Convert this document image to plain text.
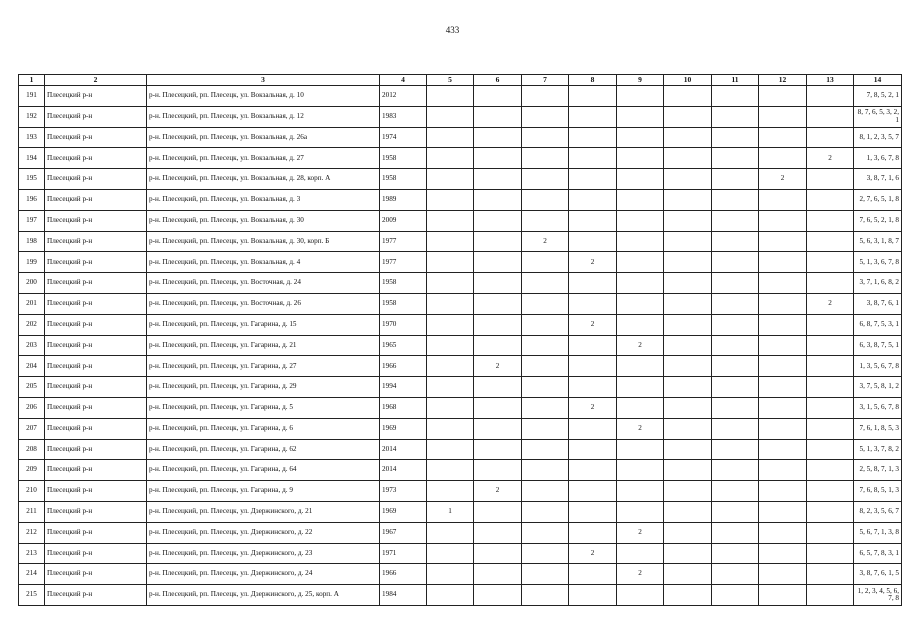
433
1	2	3	4	5	6	7	8	9	10	11	12	13	14
191	Плесецкий р-н	р-н. Плесецкий, рп. Плесецк, ул. Вокзальная, д. 10	2012										7, 8, 5, 2, 1
192	Плесецкий р-н	р-н. Плесецкий, рп. Плесецк, ул. Вокзальная, д. 12	1983										8, 7, 6, 5, 3, 2, 1
193	Плесецкий р-н	р-н. Плесецкий, рп. Плесецк, ул. Вокзальная, д. 26а	1974										8, 1, 2, 3, 5, 7
194	Плесецкий р-н	р-н. Плесецкий, рп. Плесецк, ул. Вокзальная, д. 27	1958									2	1, 3, 6, 7, 8
195	Плесецкий р-н	р-н. Плесецкий, рп. Плесецк, ул. Вокзальная, д. 28, корп. А	1958								2		3, 8, 7, 1, 6
196	Плесецкий р-н	р-н. Плесецкий, рп. Плесецк, ул. Вокзальная, д. 3	1989										2, 7, 6, 5, 1, 8
197	Плесецкий р-н	р-н. Плесецкий, рп. Плесецк, ул. Вокзальная, д. 30	2009										7, 6, 5, 2, 1, 8
198	Плесецкий р-н	р-н. Плесецкий, рп. Плесецк, ул. Вокзальная, д. 30, корп. Б	1977			2							5, 6, 3, 1, 8, 7
199	Плесецкий р-н	р-н. Плесецкий, рп. Плесецк, ул. Вокзальная, д. 4	1977				2						5, 1, 3, 6, 7, 8
200	Плесецкий р-н	р-н. Плесецкий, рп. Плесецк, ул. Восточная, д. 24	1958										3, 7, 1, 6, 8, 2
201	Плесецкий р-н	р-н. Плесецкий, рп. Плесецк, ул. Восточная, д. 26	1958									2	3, 8, 7, 6, 1
202	Плесецкий р-н	р-н. Плесецкий, рп. Плесецк, ул. Гагарина, д. 15	1970				2						6, 8, 7, 5, 3, 1
203	Плесецкий р-н	р-н. Плесецкий, рп. Плесецк, ул. Гагарина, д. 21	1965					2					6, 3, 8, 7, 5, 1
204	Плесецкий р-н	р-н. Плесецкий, рп. Плесецк, ул. Гагарина, д. 27	1966		2								1, 3, 5, 6, 7, 8
205	Плесецкий р-н	р-н. Плесецкий, рп. Плесецк, ул. Гагарина, д. 29	1994										3, 7, 5, 8, 1, 2
206	Плесецкий р-н	р-н. Плесецкий, рп. Плесецк, ул. Гагарина, д. 5	1968				2						3, 1, 5, 6, 7, 8
207	Плесецкий р-н	р-н. Плесецкий, рп. Плесецк, ул. Гагарина, д. 6	1969					2					7, 6, 1, 8, 5, 3
208	Плесецкий р-н	р-н. Плесецкий, рп. Плесецк, ул. Гагарина, д. 62	2014										5, 1, 3, 7, 8, 2
209	Плесецкий р-н	р-н. Плесецкий, рп. Плесецк, ул. Гагарина, д. 64	2014										2, 5, 8, 7, 1, 3
210	Плесецкий р-н	р-н. Плесецкий, рп. Плесецк, ул. Гагарина, д. 9	1973		2								7, 6, 8, 5, 1, 3
211	Плесецкий р-н	р-н. Плесецкий, рп. Плесецк, ул. Дзержинского, д. 21	1969	1									8, 2, 3, 5, 6, 7
212	Плесецкий р-н	р-н. Плесецкий, рп. Плесецк, ул. Дзержинского, д. 22	1967					2					5, 6, 7, 1, 3, 8
213	Плесецкий р-н	р-н. Плесецкий, рп. Плесецк, ул. Дзержинского, д. 23	1971				2						6, 5, 7, 8, 3, 1
214	Плесецкий р-н	р-н. Плесецкий, рп. Плесецк, ул. Дзержинского, д. 24	1966					2					3, 8, 7, 6, 1, 5
215	Плесецкий р-н	р-н. Плесецкий, рп. Плесецк, ул. Дзержинского, д. 25, корп. А	1984										1, 2, 3, 4, 5, 6, 7, 8
